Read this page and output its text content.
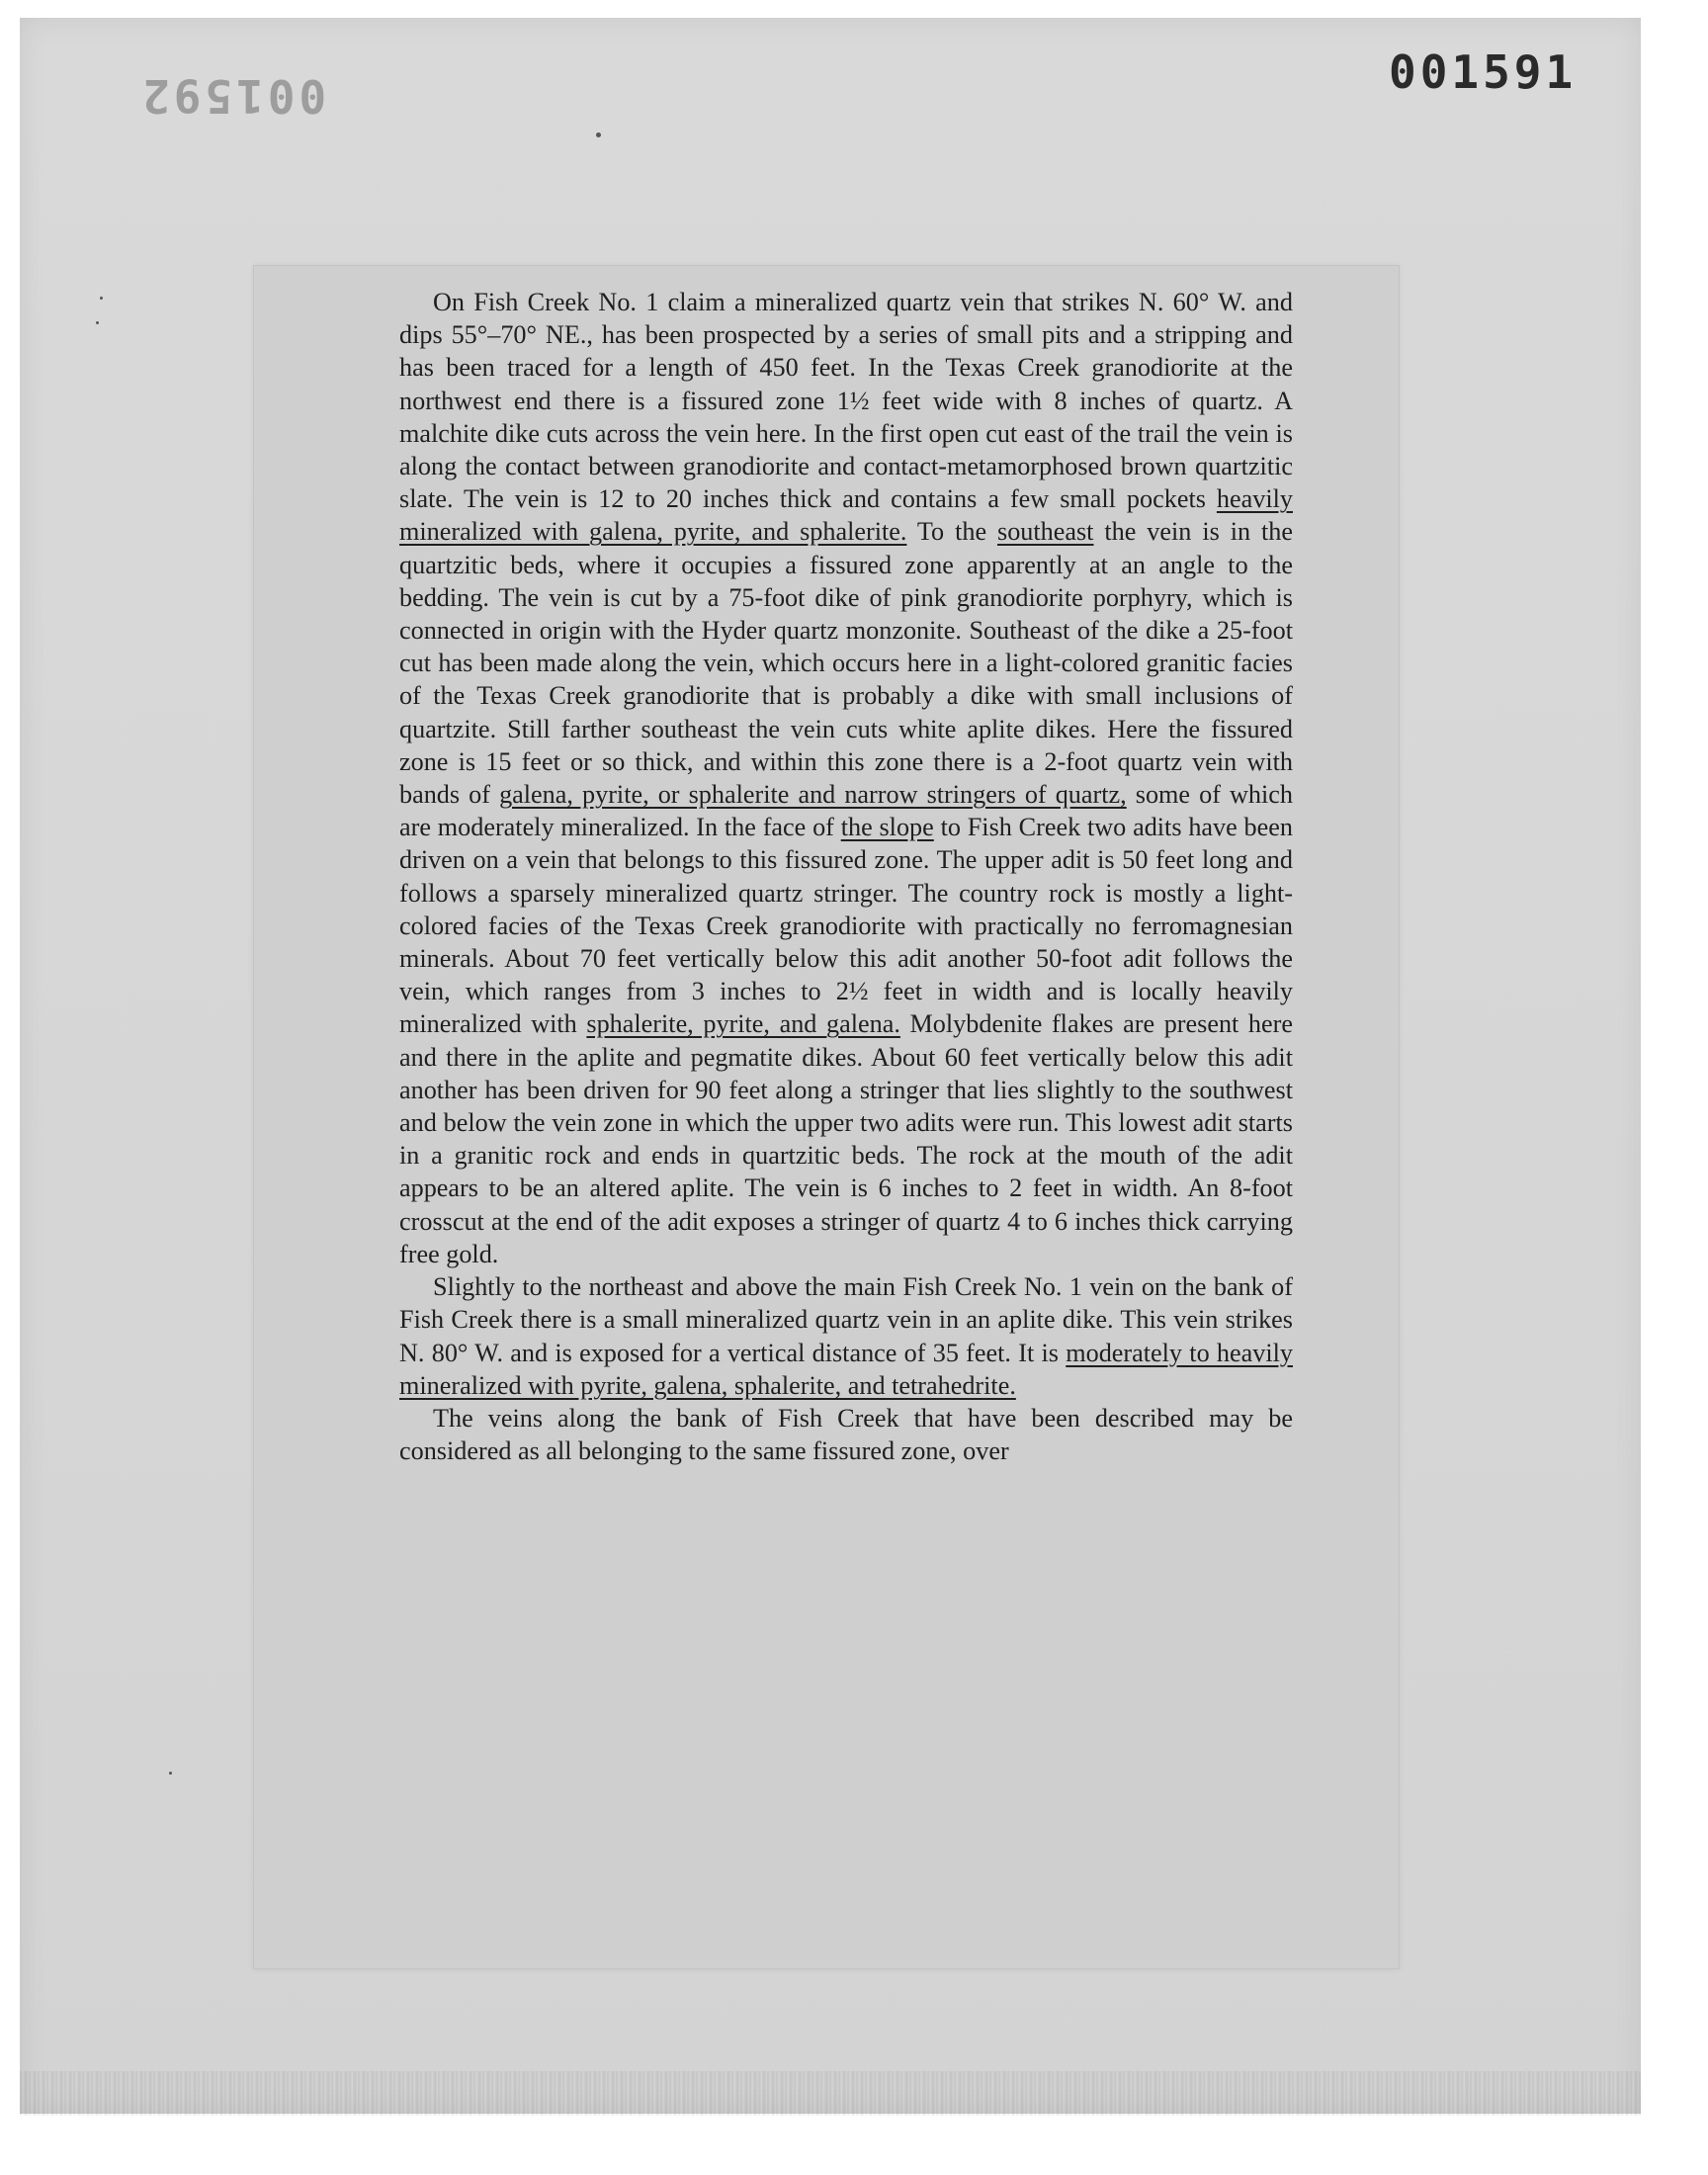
001591
001592

On Fish Creek No. 1 claim a mineralized quartz vein that strikes N. 60° W. and dips 55°–70° NE., has been prospected by a series of small pits and a stripping and has been traced for a length of 450 feet. In the Texas Creek granodiorite at the northwest end there is a fissured zone 1½ feet wide with 8 inches of quartz. A malchite dike cuts across the vein here. In the first open cut east of the trail the vein is along the contact between granodiorite and contact-metamorphosed brown quartzitic slate. The vein is 12 to 20 inches thick and contains a few small pockets heavily mineralized with galena, pyrite, and sphalerite. To the southeast the vein is in the quartzitic beds, where it occupies a fissured zone apparently at an angle to the bedding. The vein is cut by a 75-foot dike of pink granodiorite porphyry, which is connected in origin with the Hyder quartz monzonite. Southeast of the dike a 25-foot cut has been made along the vein, which occurs here in a light-colored granitic facies of the Texas Creek granodiorite that is probably a dike with small inclusions of quartzite. Still farther southeast the vein cuts white aplite dikes. Here the fissured zone is 15 feet or so thick, and within this zone there is a 2-foot quartz vein with bands of galena, pyrite, or sphalerite and narrow stringers of quartz, some of which are moderately mineralized. In the face of the slope to Fish Creek two adits have been driven on a vein that belongs to this fissured zone. The upper adit is 50 feet long and follows a sparsely mineralized quartz stringer. The country rock is mostly a light-colored facies of the Texas Creek granodiorite with practically no ferromagnesian minerals. About 70 feet vertically below this adit another 50-foot adit follows the vein, which ranges from 3 inches to 2½ feet in width and is locally heavily mineralized with sphalerite, pyrite, and galena. Molybdenite flakes are present here and there in the aplite and pegmatite dikes. About 60 feet vertically below this adit another has been driven for 90 feet along a stringer that lies slightly to the southwest and below the vein zone in which the upper two adits were run. This lowest adit starts in a granitic rock and ends in quartzitic beds. The rock at the mouth of the adit appears to be an altered aplite. The vein is 6 inches to 2 feet in width. An 8-foot crosscut at the end of the adit exposes a stringer of quartz 4 to 6 inches thick carrying free gold.

Slightly to the northeast and above the main Fish Creek No. 1 vein on the bank of Fish Creek there is a small mineralized quartz vein in an aplite dike. This vein strikes N. 80° W. and is exposed for a vertical distance of 35 feet. It is moderately to heavily mineralized with pyrite, galena, sphalerite, and tetrahedrite.

The veins along the bank of Fish Creek that have been described may be considered as all belonging to the same fissured zone, over
